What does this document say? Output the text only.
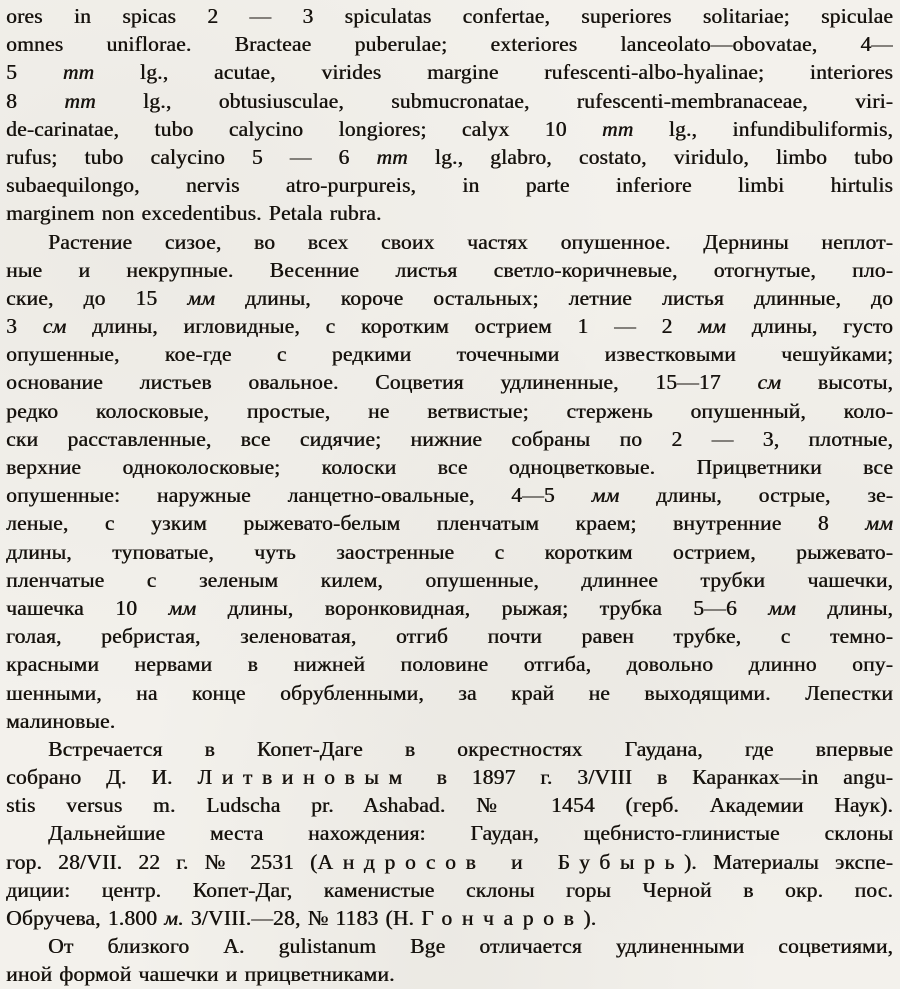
ores in spicas 2 — 3 spiculatas confertae, superiores solitariae; spiculae
omnes uniflorae. Bracteae puberulae; exteriores lanceolato—obovatae, 4—
5 mm lg., acutae, virides margine rufescenti-albo-hyalinae; interiores
8 mm lg., obtusiusculae, submucronatae, rufescenti-membranaceae, viri-
de-carinatae, tubo calycino longiores; calyx 10 mm lg., infundibuliformis,
rufus; tubo calycino 5 — 6 mm lg., glabro, costato, viridulo, limbo tubo
subaequilongo, nervis atro-purpureis, in parte inferiore limbi hirtulis
marginem non excedentibus. Petala rubra.
Растение сизое, во всех своих частях опушенное. Дернины неплот-
ные и некрупные. Весенние листья светло-коричневые, отогнутые, пло-
ские, до 15 мм длины, короче остальных; летние листья длинные, до
3 см длины, игловидные, с коротким острием 1 — 2 мм длины, густо
опушенные, кое-где с редкими точечными известковыми чешуйками;
основание листьев овальное. Соцветия удлиненные, 15—17 см высоты,
редко колосковые, простые, не ветвистые; стержень опушенный, коло-
ски расставленные, все сидячие; нижние собраны по 2 — 3, плотные,
верхние одноколосковые; колоски все одноцветковые. Прицветники все
опушенные: наружные ланцетно-овальные, 4—5 мм длины, острые, зе-
леные, с узким рыжевато-белым пленчатым краем; внутренние 8 мм
длины, туповатые, чуть заостренные с коротким острием, рыжевато-
пленчатые с зеленым килем, опушенные, длиннее трубки чашечки,
чашечка 10 мм длины, воронковидная, рыжая; трубка 5—6 мм длины,
голая, ребристая, зеленоватая, отгиб почти равен трубке, с темно-
красными нервами в нижней половине отгиба, довольно длинно опу-
шенными, на конце обрубленными, за край не выходящими. Лепестки
малиновые.
Встречается в Копет-Даге в окрестностях Гаудана, где впервые
собрано Д. И. Литвиновым в 1897 г. 3/VIII в Каранках—in angu-
stis versus m. Ludscha pr. Ashabad. № 1454 (герб. Академии Наук).
Дальнейшие места нахождения: Гаудан, щебнисто-глинистые склоны
гор. 28/VII. 22 г. № 2531 (Андросов и Бубырь). Материалы экспе-
диции: центр. Копет-Даг, каменистые склоны горы Черной в окр. пос.
Обручева, 1.800 м. 3/VIII.—28, № 1183 (Н. Гончаров).
От близкого A. gulistanum Bge отличается удлиненными соцветиями,
иной формой чашечки и прицветниками.
